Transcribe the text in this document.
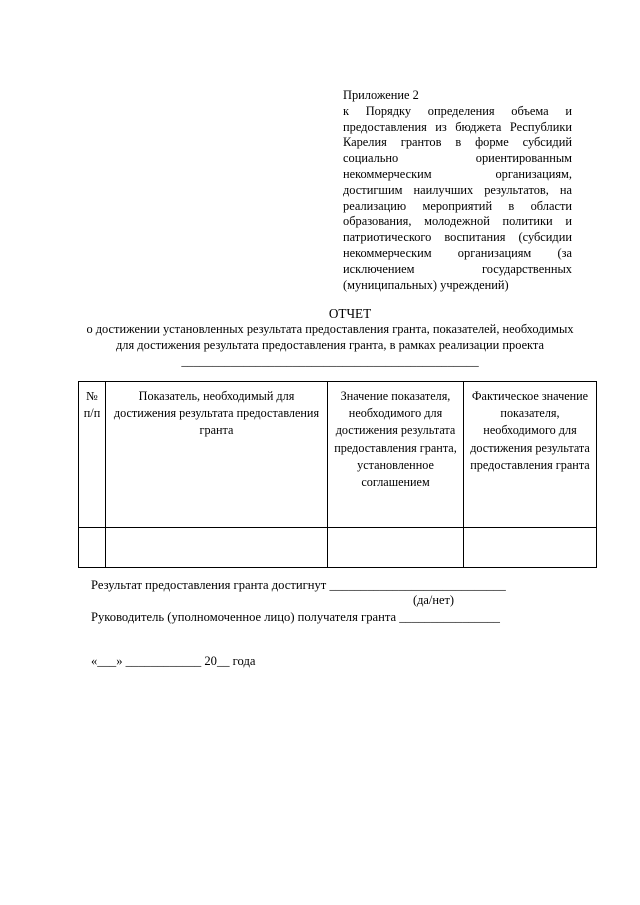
Приложение 2
к Порядку определения объема и предоставления из бюджета Республики Карелия грантов в форме субсидий социально ориентированным некоммерческим организациям, достигшим наилучших результатов, на реализацию мероприятий в области образования, молодежной политики и патриотического воспитания (субсидии некоммерческим организациям (за исключением государственных (муниципальных) учреждений)

ОТЧЕТ

о достижении установленных результата предоставления гранта, показателей, необходимых для достижения результата предоставления гранта, в рамках реализации проекта ________________________________________________

№ п/п	Показатель, необходимый для достижения результата предоставления гранта	Значение показателя, необходимого для достижения результата предоставления гранта, установленное соглашением	Фактическое значение показателя, необходимого для достижения результата предоставления гранта

Результат предоставления гранта достигнут ____________________________
(да/нет)
Руководитель (уполномоченное лицо) получателя гранта ________________
«___» ____________ 20__ года
